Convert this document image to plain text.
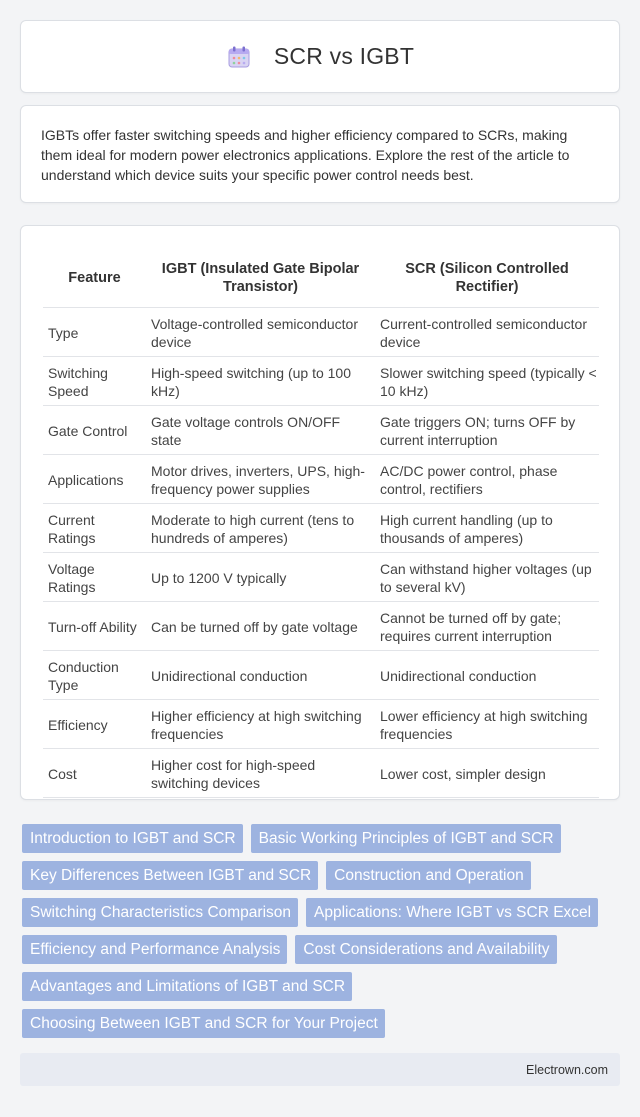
SCR vs IGBT

IGBTs offer faster switching speeds and higher efficiency compared to SCRs, making them ideal for modern power electronics applications. Explore the rest of the article to understand which device suits your specific power control needs best.

Feature	IGBT (Insulated Gate Bipolar Transistor)	SCR (Silicon Controlled Rectifier)
Type	Voltage-controlled semiconductor device	Current-controlled semiconductor device
Switching Speed	High-speed switching (up to 100 kHz)	Slower switching speed (typically < 10 kHz)
Gate Control	Gate voltage controls ON/OFF state	Gate triggers ON; turns OFF by current interruption
Applications	Motor drives, inverters, UPS, high-frequency power supplies	AC/DC power control, phase control, rectifiers
Current Ratings	Moderate to high current (tens to hundreds of amperes)	High current handling (up to thousands of amperes)
Voltage Ratings	Up to 1200 V typically	Can withstand higher voltages (up to several kV)
Turn-off Ability	Can be turned off by gate voltage	Cannot be turned off by gate; requires current interruption
Conduction Type	Unidirectional conduction	Unidirectional conduction
Efficiency	Higher efficiency at high switching frequencies	Lower efficiency at high switching frequencies
Cost	Higher cost for high-speed switching devices	Lower cost, simpler design
Introduction to IGBT and SCR	Basic Working Principles of IGBT and SCR
Key Differences Between IGBT and SCR	Construction and Operation
Switching Characteristics Comparison	Applications: Where IGBT vs SCR Excel
Efficiency and Performance Analysis	Cost Considerations and Availability
Advantages and Limitations of IGBT and SCR
Choosing Between IGBT and SCR for Your Project
Electrown.com
